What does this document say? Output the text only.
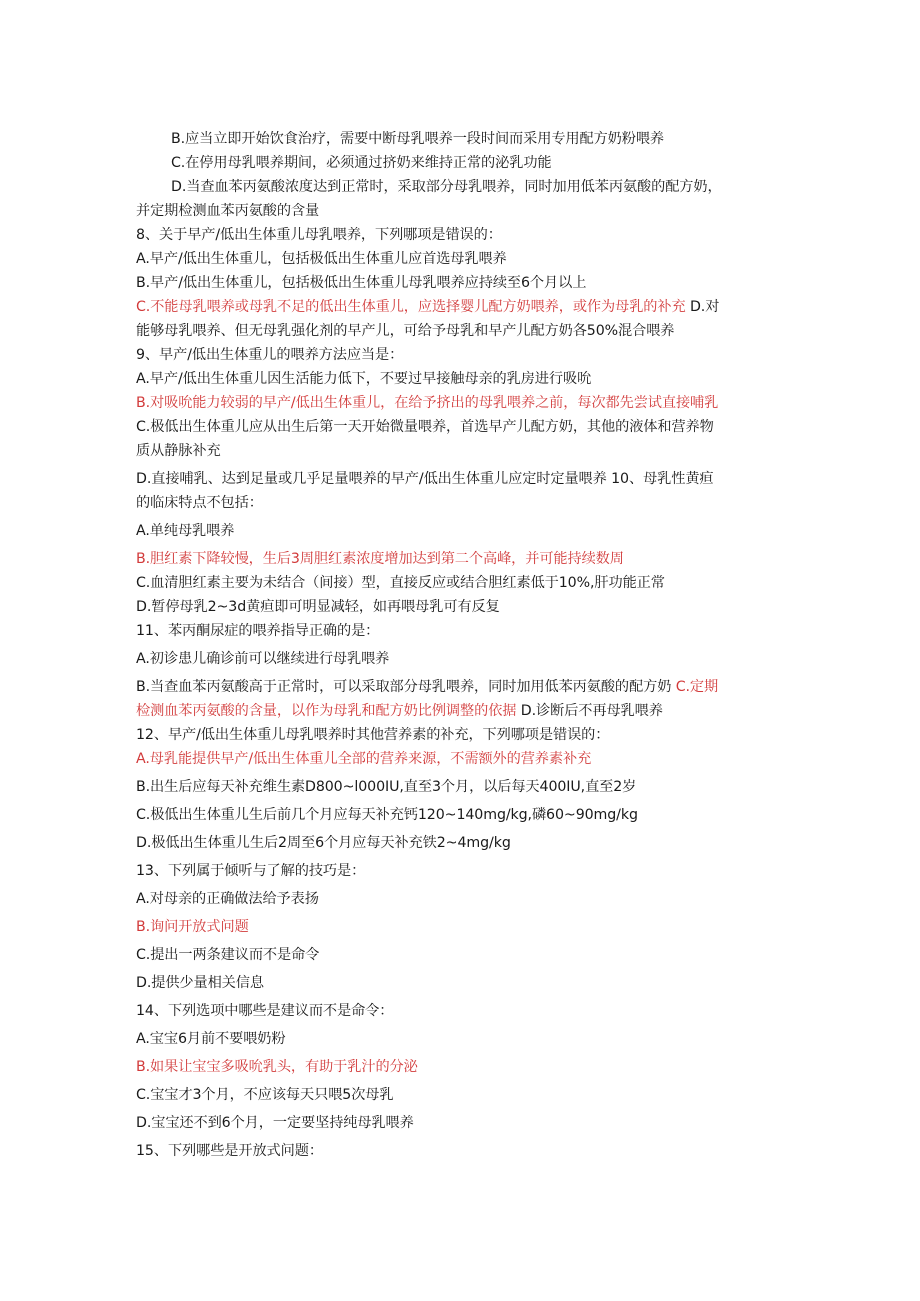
B.应当立即开始饮食治疗，需要中断母乳喂养一段时间而采用专用配方奶粉喂养
C.在停用母乳喂养期间，必须通过挤奶来维持正常的泌乳功能
D.当查血苯丙氨酸浓度达到正常时，采取部分母乳喂养，同时加用低苯丙氨酸的配方奶，
并定期检测血苯丙氨酸的含量
8、关于早产/低出生体重儿母乳喂养，下列哪项是错误的：
A.早产/低出生体重儿，包括极低出生体重儿应首选母乳喂养
B.早产/低出生体重儿，包括极低出生体重儿母乳喂养应持续至6个月以上
C.不能母乳喂养或母乳不足的低出生体重儿，应选择婴儿配方奶喂养，或作为母乳的补充 D.对
能够母乳喂养、但无母乳强化剂的早产儿，可给予母乳和早产儿配方奶各50%混合喂养
9、早产/低出生体重儿的喂养方法应当是：
A.早产/低出生体重儿因生活能力低下，不要过早接触母亲的乳房进行吸吮
B.对吸吮能力较弱的早产/低出生体重儿，在给予挤出的母乳喂养之前，每次都先尝试直接哺乳
C.极低出生体重儿应从出生后第一天开始微量喂养，首选早产儿配方奶，其他的液体和营养物
质从静脉补充
D.直接哺乳、达到足量或几乎足量喂养的早产/低出生体重儿应定时定量喂养 10、母乳性黄疸
的临床特点不包括：
A.单纯母乳喂养
B.胆红素下降较慢，生后3周胆红素浓度增加达到第二个高峰，并可能持续数周
C.血清胆红素主要为未结合（间接）型，直接反应或结合胆红素低于10%,肝功能正常
D.暂停母乳2~3d黄疸即可明显减轻，如再喂母乳可有反复
11、苯丙酮尿症的喂养指导正确的是：
A.初诊患儿确诊前可以继续进行母乳喂养
B.当查血苯丙氨酸高于正常时，可以采取部分母乳喂养，同时加用低苯丙氨酸的配方奶 C.定期
检测血苯丙氨酸的含量，以作为母乳和配方奶比例调整的依据 D.诊断后不再母乳喂养
12、早产/低出生体重儿母乳喂养时其他营养素的补充，下列哪项是错误的：
A.母乳能提供早产/低出生体重儿全部的营养来源，不需额外的营养素补充
B.出生后应每天补充维生素D800~l000IU,直至3个月，以后每天400IU,直至2岁
C.极低出生体重儿生后前几个月应每天补充钙120~140mg∕kg,磷60~90mg∕kg
D.极低出生体重儿生后2周至6个月应每天补充铁2~4mg∕kg
13、下列属于倾听与了解的技巧是：
A.对母亲的正确做法给予表扬
B.询问开放式问题
C.提出一两条建议而不是命令
D.提供少量相关信息
14、下列选项中哪些是建议而不是命令：
A.宝宝6月前不要喂奶粉
B.如果让宝宝多吸吮乳头，有助于乳汁的分泌
C.宝宝才3个月，不应该每天只喂5次母乳
D.宝宝还不到6个月，一定要坚持纯母乳喂养
15、下列哪些是开放式问题：
